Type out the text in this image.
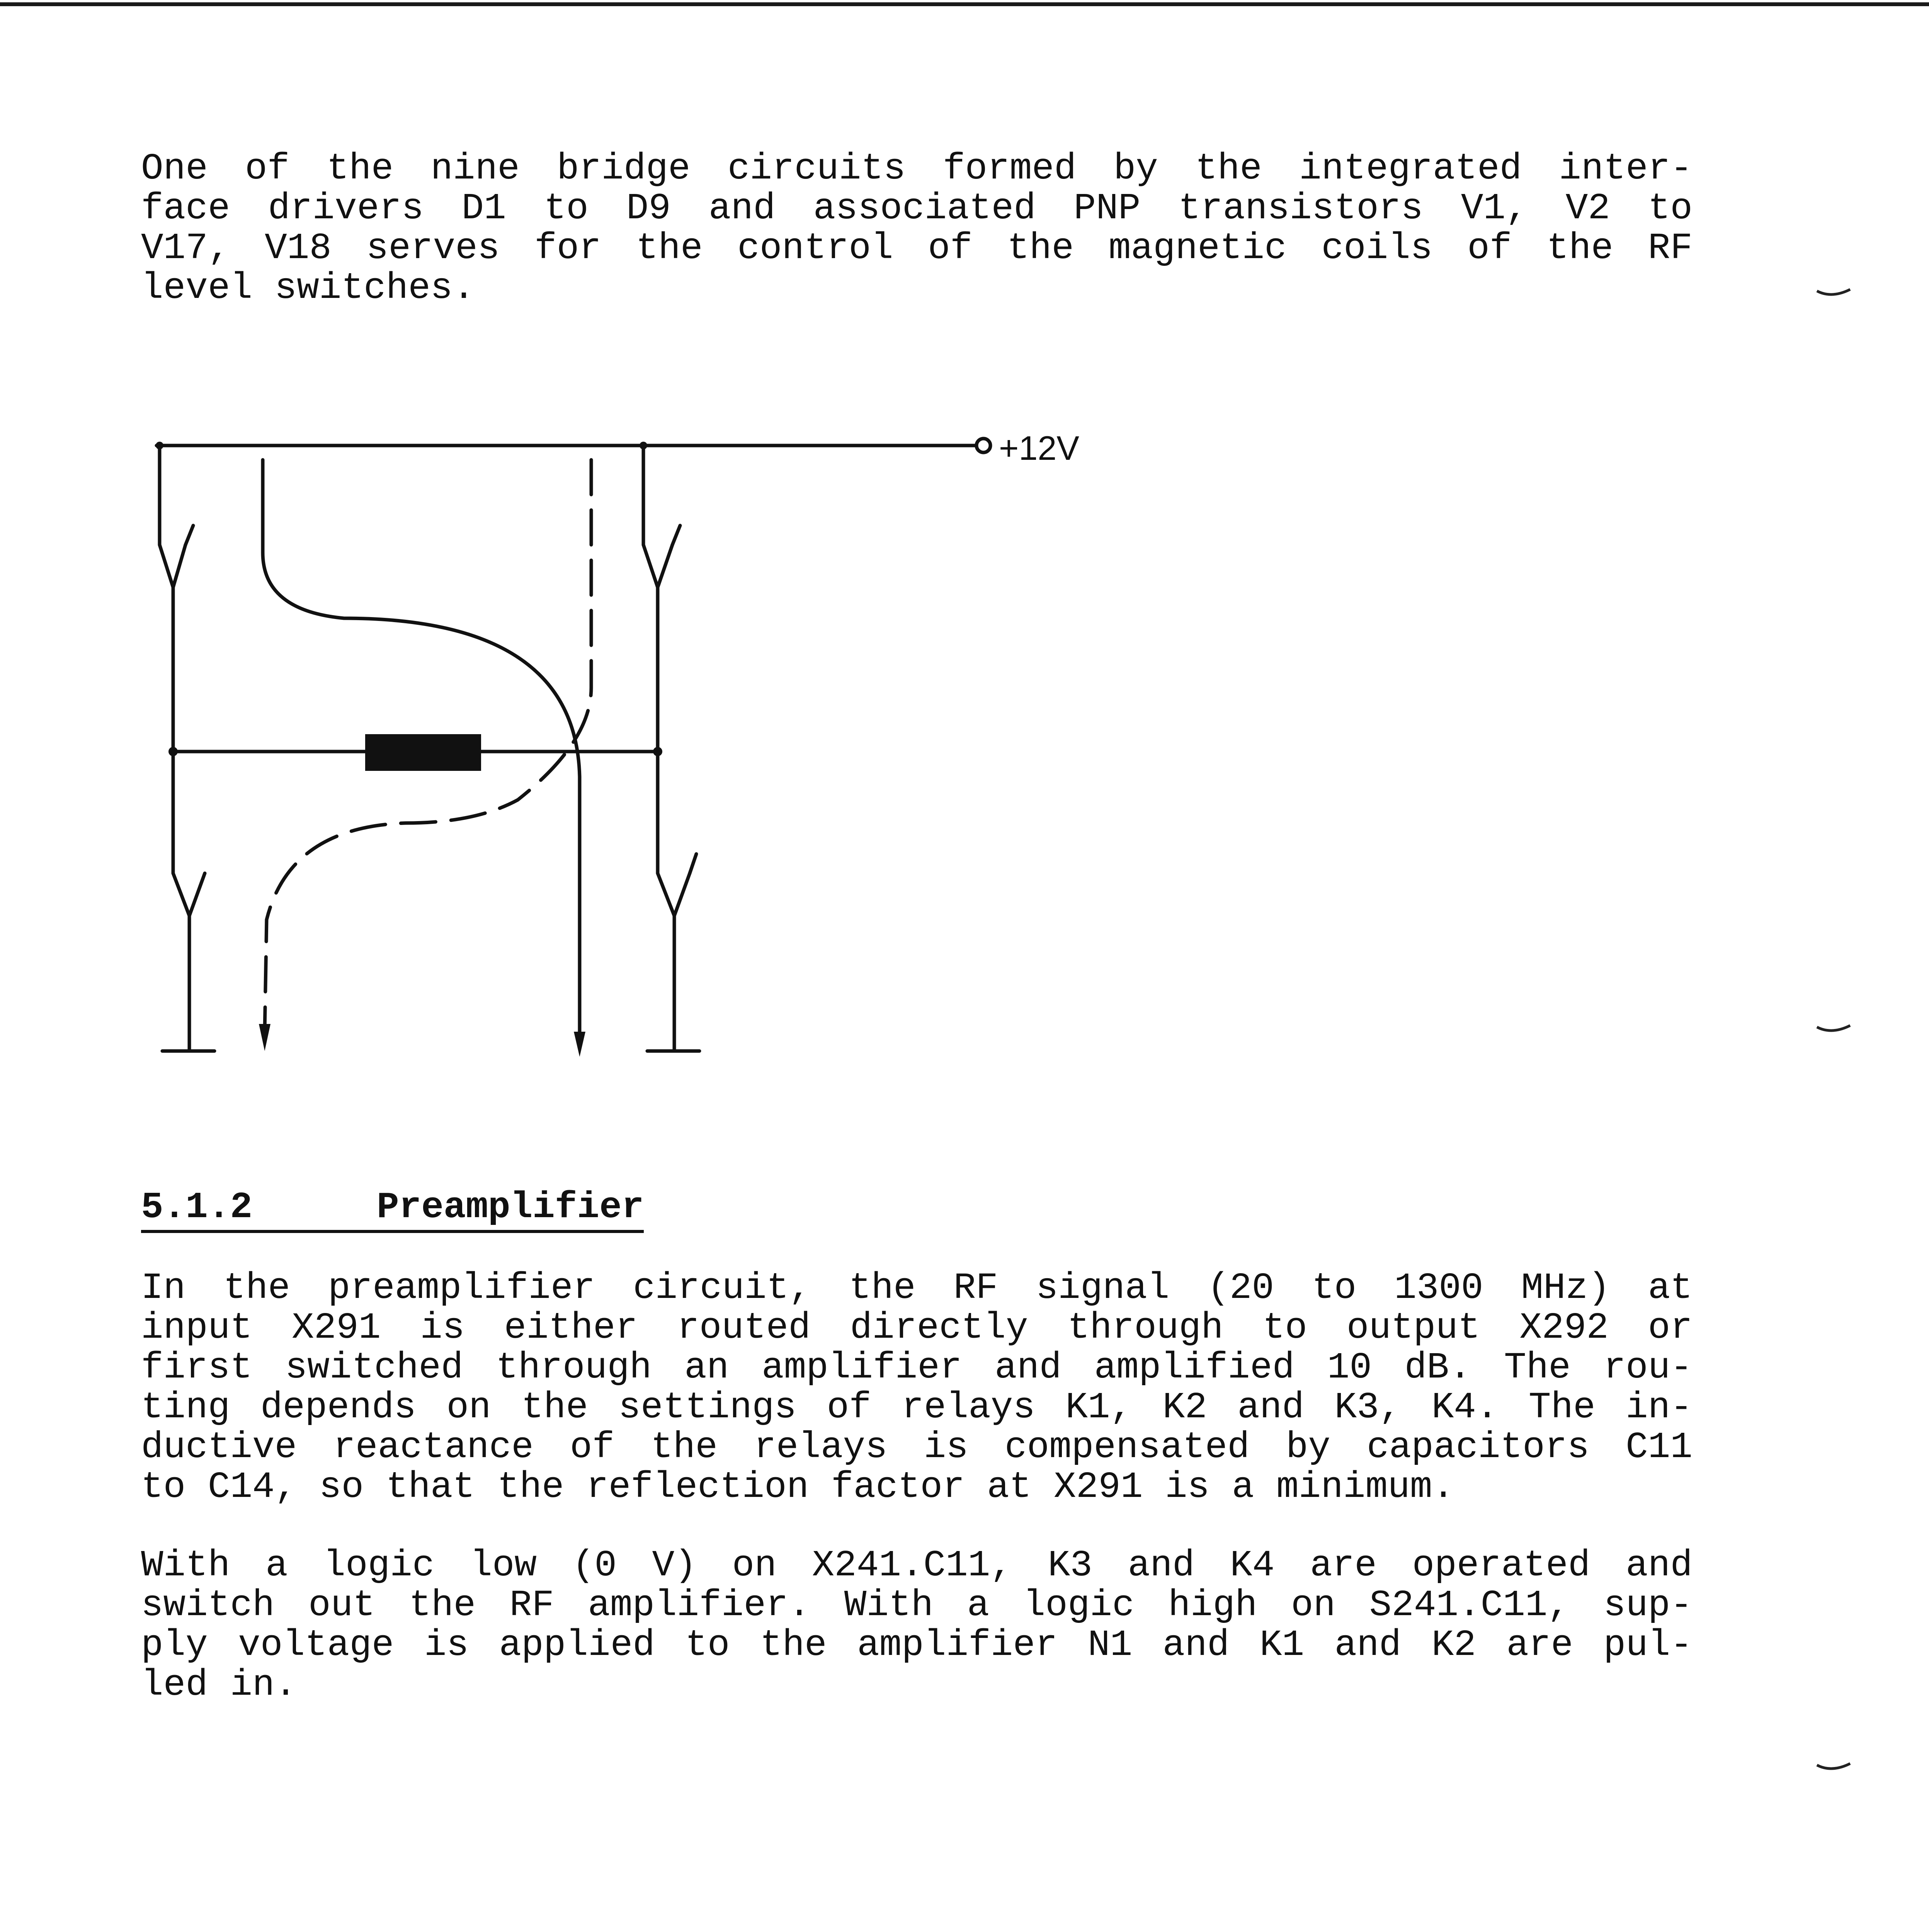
One of the nine bridge circuits formed by the integrated inter-
face drivers D1 to D9 and associated PNP transistors V1, V2 to
V17, V18 serves for the control of the magnetic coils of the RF
level switches.
+12V
5.1.2	Preamplifier
In the preamplifier circuit, the RF signal (20 to 1300 MHz) at
input X291 is either routed directly through to output X292 or
first switched through an amplifier and amplified 10 dB. The rou-
ting depends on the settings of relays K1, K2 and K3, K4. The in-
ductive reactance of the relays is compensated by capacitors C11
to C14, so that the reflection factor at X291 is a minimum.
With a logic low (0 V) on X241.C11, K3 and K4 are operated and
switch out the RF amplifier. With a logic high on S241.C11, sup-
ply voltage is applied to the amplifier N1 and K1 and K2 are pul-
led in.
